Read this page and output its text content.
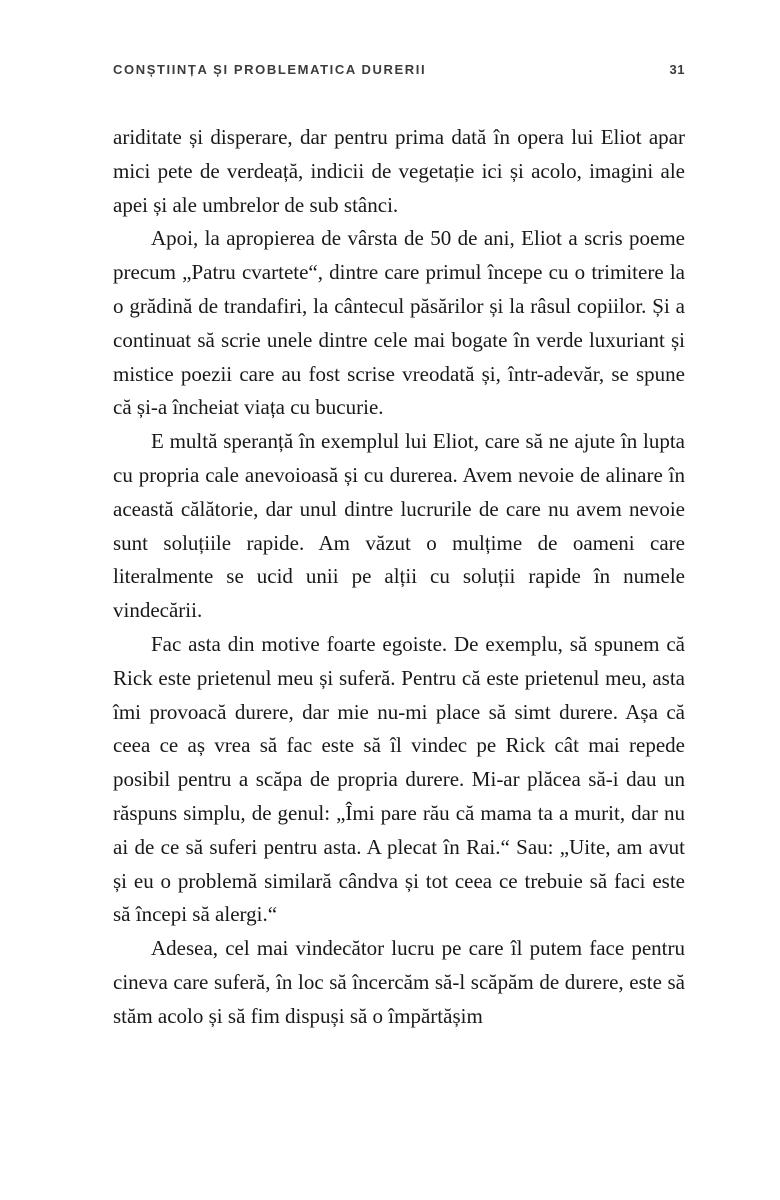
CONȘTIINȚA ȘI PROBLEMATICA DURERII	31

ariditate și disperare, dar pentru prima dată în opera lui Eliot apar mici pete de verdeață, indicii de vegetație ici și acolo, imagini ale apei și ale umbrelor de sub stânci.

Apoi, la apropierea de vârsta de 50 de ani, Eliot a scris poeme precum „Patru cvartete“, dintre care primul începe cu o trimitere la o grădină de trandafiri, la cântecul păsărilor și la râsul copiilor. Și a continuat să scrie unele dintre cele mai bogate în verde luxuriant și mistice poezii care au fost scrise vreodată și, într-adevăr, se spune că și-a încheiat viața cu bucurie.

E multă speranță în exemplul lui Eliot, care să ne ajute în lupta cu propria cale anevoioasă și cu durerea. Avem nevoie de alinare în această călătorie, dar unul dintre lucrurile de care nu avem nevoie sunt soluțiile rapide. Am văzut o mulțime de oameni care literalmente se ucid unii pe alții cu soluții rapide în numele vindecării.

Fac asta din motive foarte egoiste. De exemplu, să spunem că Rick este prietenul meu și suferă. Pentru că este prietenul meu, asta îmi provoacă durere, dar mie nu-mi place să simt durere. Așa că ceea ce aș vrea să fac este să îl vindec pe Rick cât mai repede posibil pentru a scăpa de propria durere. Mi-ar plăcea să-i dau un răspuns simplu, de genul: „Îmi pare rău că mama ta a murit, dar nu ai de ce să suferi pentru asta. A plecat în Rai.“ Sau: „Uite, am avut și eu o problemă similară cândva și tot ceea ce trebuie să faci este să începi să alergi.“

Adesea, cel mai vindecător lucru pe care îl putem face pentru cineva care suferă, în loc să încercăm să-l scăpăm de durere, este să stăm acolo și să fim dispuși să o împărtășim
